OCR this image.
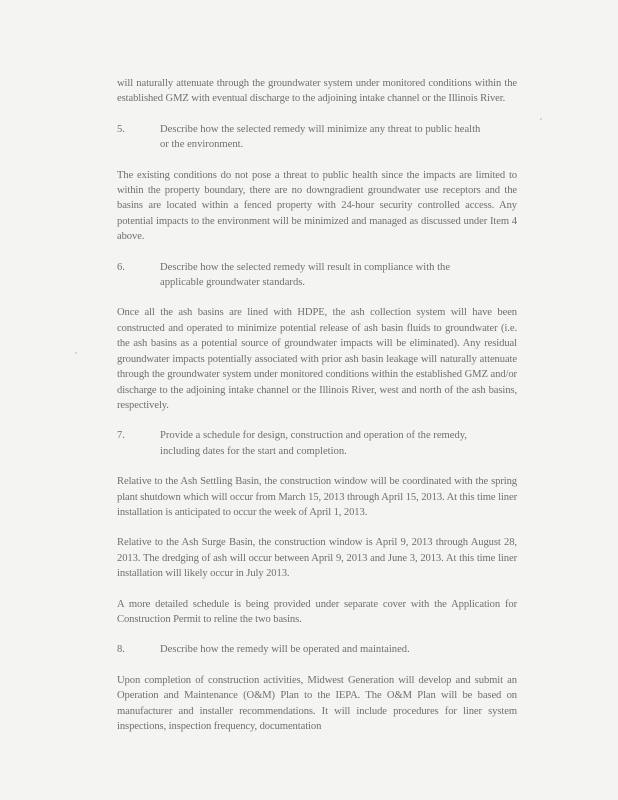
will naturally attenuate through the groundwater system under monitored conditions within the established GMZ with eventual discharge to the adjoining intake channel or the Illinois River.

5.	Describe how the selected remedy will minimize any threat to public health or the environment.

The existing conditions do not pose a threat to public health since the impacts are limited to within the property boundary, there are no downgradient groundwater use receptors and the basins are located within a fenced property with 24-hour security controlled access. Any potential impacts to the environment will be minimized and managed as discussed under Item 4 above.

6.	Describe how the selected remedy will result in compliance with the applicable groundwater standards.

Once all the ash basins are lined with HDPE, the ash collection system will have been constructed and operated to minimize potential release of ash basin fluids to groundwater (i.e. the ash basins as a potential source of groundwater impacts will be eliminated). Any residual groundwater impacts potentially associated with prior ash basin leakage will naturally attenuate through the groundwater system under monitored conditions within the established GMZ and/or discharge to the adjoining intake channel or the Illinois River, west and north of the ash basins, respectively.

7.	Provide a schedule for design, construction and operation of the remedy, including dates for the start and completion.

Relative to the Ash Settling Basin, the construction window will be coordinated with the spring plant shutdown which will occur from March 15, 2013 through April 15, 2013. At this time liner installation is anticipated to occur the week of April 1, 2013.

Relative to the Ash Surge Basin, the construction window is April 9, 2013 through August 28, 2013. The dredging of ash will occur between April 9, 2013 and June 3, 2013. At this time liner installation will likely occur in July 2013.

A more detailed schedule is being provided under separate cover with the Application for Construction Permit to reline the two basins.

8.	Describe how the remedy will be operated and maintained.

Upon completion of construction activities, Midwest Generation will develop and submit an Operation and Maintenance (O&M) Plan to the IEPA. The O&M Plan will be based on manufacturer and installer recommendations. It will include procedures for liner system inspections, inspection frequency, documentation
